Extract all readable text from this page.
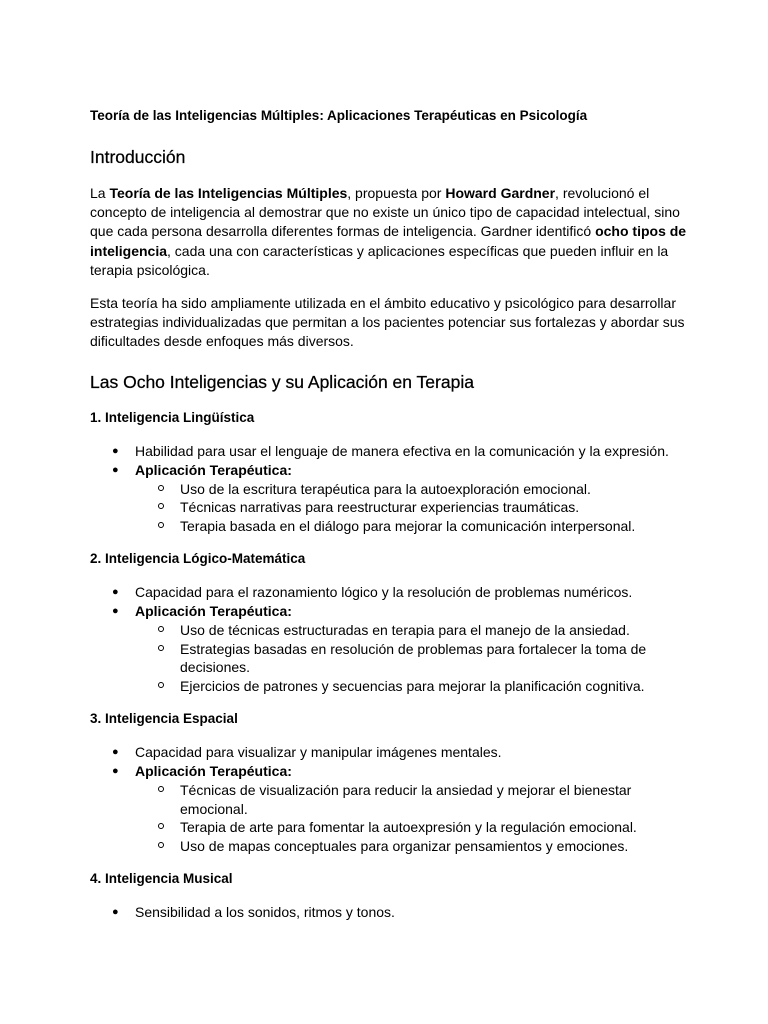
Teoría de las Inteligencias Múltiples: Aplicaciones Terapéuticas en Psicología
Introducción

La Teoría de las Inteligencias Múltiples, propuesta por Howard Gardner, revolucionó el concepto de inteligencia al demostrar que no existe un único tipo de capacidad intelectual, sino que cada persona desarrolla diferentes formas de inteligencia. Gardner identificó ocho tipos de inteligencia, cada una con características y aplicaciones específicas que pueden influir en la terapia psicológica.

Esta teoría ha sido ampliamente utilizada en el ámbito educativo y psicológico para desarrollar estrategias individualizadas que permitan a los pacientes potenciar sus fortalezas y abordar sus dificultades desde enfoques más diversos.

Las Ocho Inteligencias y su Aplicación en Terapia
1. Inteligencia Lingüística
● Habilidad para usar el lenguaje de manera efectiva en la comunicación y la expresión.
● Aplicación Terapéutica:
Uso de la escritura terapéutica para la autoexploración emocional.
Técnicas narrativas para reestructurar experiencias traumáticas.
Terapia basada en el diálogo para mejorar la comunicación interpersonal.
2. Inteligencia Lógico-Matemática
● Capacidad para el razonamiento lógico y la resolución de problemas numéricos.
● Aplicación Terapéutica:
Uso de técnicas estructuradas en terapia para el manejo de la ansiedad.
Estrategias basadas en resolución de problemas para fortalecer la toma de decisiones.
Ejercicios de patrones y secuencias para mejorar la planificación cognitiva.
3. Inteligencia Espacial
● Capacidad para visualizar y manipular imágenes mentales.
● Aplicación Terapéutica:
Técnicas de visualización para reducir la ansiedad y mejorar el bienestar emocional.
Terapia de arte para fomentar la autoexpresión y la regulación emocional.
Uso de mapas conceptuales para organizar pensamientos y emociones.
4. Inteligencia Musical
● Sensibilidad a los sonidos, ritmos y tonos.
